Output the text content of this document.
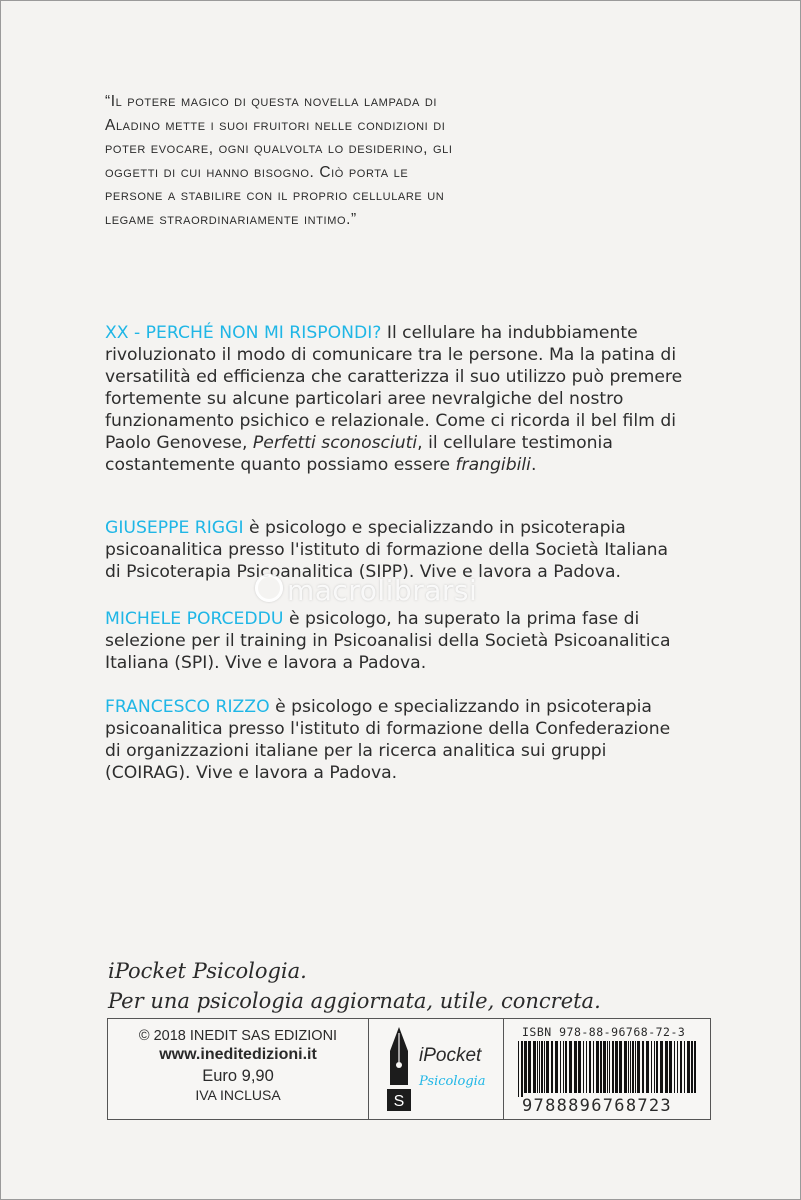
“Il potere magico di questa novella lampada di
Aladino mette i suoi fruitori nelle condizioni di
poter evocare, ogni qualvolta lo desiderino, gli
oggetti di cui hanno bisogno. Ciò porta le
persone a stabilire con il proprio cellulare un
legame straordinariamente intimo.”
XX - PERCHÉ NON MI RISPONDI? Il cellulare ha indubbiamente
rivoluzionato il modo di comunicare tra le persone. Ma la patina di
versatilità ed efficienza che caratterizza il suo utilizzo può premere
fortemente su alcune particolari aree nevralgiche del nostro
funzionamento psichico e relazionale. Come ci ricorda il bel film di
Paolo Genovese, Perfetti sconosciuti, il cellulare testimonia
costantemente quanto possiamo essere frangibili.
GIUSEPPE RIGGI è psicologo e specializzando in psicoterapia
psicoanalitica presso l'istituto di formazione della Società Italiana
di Psicoterapia Psicoanalitica (SIPP). Vive e lavora a Padova.
MICHELE PORCEDDU è psicologo, ha superato la prima fase di
selezione per il training in Psicoanalisi della Società Psicoanalitica
Italiana (SPI). Vive e lavora a Padova.
FRANCESCO RIZZO è psicologo e specializzando in psicoterapia
psicoanalitica presso l'istituto di formazione della Confederazione
di organizzazioni italiane per la ricerca analitica sui gruppi
(COIRAG). Vive e lavora a Padova.
macrolibrarsi
iPocket Psicologia.
Per una psicologia aggiornata, utile, concreta.
© 2018 INEDIT SAS EDIZIONI
www.ineditedizioni.it
Euro 9,90
IVA INCLUSA	S
iPocket
Psicologia
ISBN 978-88-96768-72-3
9788896768723
